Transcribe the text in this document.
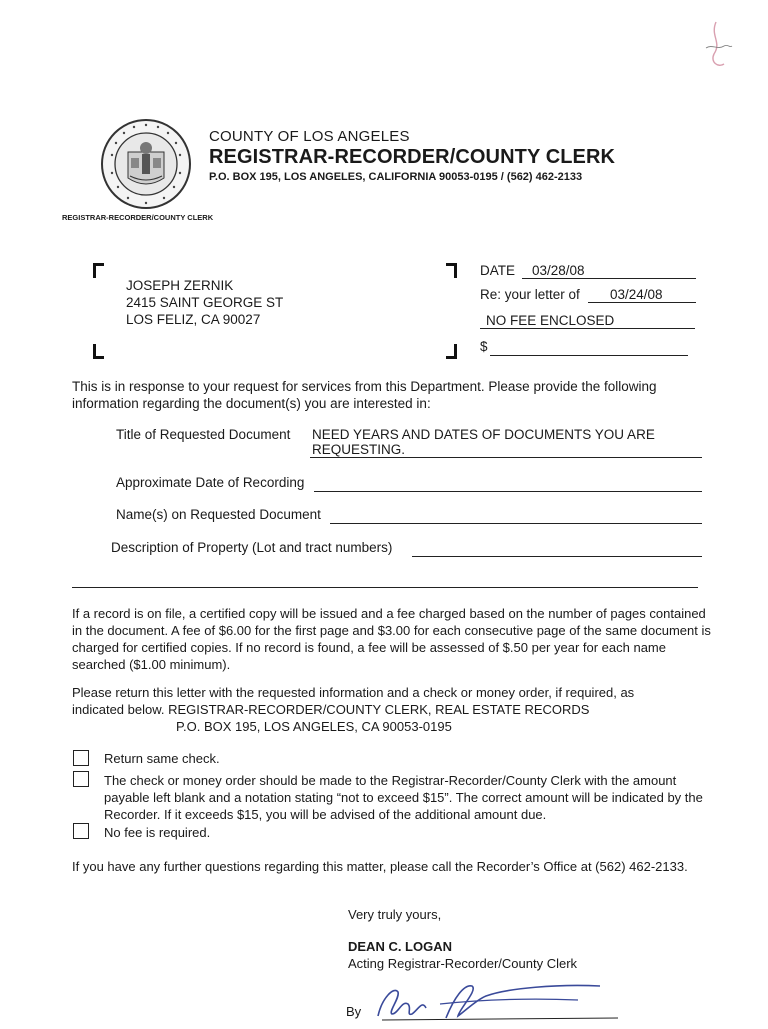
COUNTY OF LOS ANGELES
REGISTRAR-RECORDER/COUNTY CLERK
P.O. BOX 195, LOS ANGELES, CALIFORNIA 90053-0195 / (562) 462-2133
REGISTRAR-RECORDER/COUNTY CLERK
JOSEPH ZERNIK
2415 SAINT GEORGE ST
LOS FELIZ, CA 90027
DATE	03/28/08
Re: your letter of	03/24/08
NO FEE ENCLOSED
$
This is in response to your request for services from this Department. Please provide the following information regarding the document(s) you are interested in:
Title of Requested Document NEED YEARS AND DATES OF DOCUMENTS YOU ARE
REQUESTING.
Approximate Date of Recording
Name(s) on Requested Document
Description of Property (Lot and tract numbers)
If a record is on file, a certified copy will be issued and a fee charged based on the number of pages contained in the document. A fee of $6.00 for the first page and $3.00 for each consecutive page of the same document is charged for certified copies. If no record is found, a fee will be assessed of $.50 per year for each name searched ($1.00 minimum).
Please return this letter with the requested information and a check or money order, if required, as
indicated below. REGISTRAR-RECORDER/COUNTY CLERK, REAL ESTATE RECORDS
P.O. BOX 195, LOS ANGELES, CA 90053-0195
Return same check.
The check or money order should be made to the Registrar-Recorder/County Clerk with the amount payable left blank and a notation stating “not to exceed $15”. The correct amount will be indicated by the Recorder. If it exceeds $15, you will be advised of the additional amount due.
No fee is required.
If you have any further questions regarding this matter, please call the Recorder’s Office at (562) 462-2133.
Very truly yours,
DEAN C. LOGAN
Acting Registrar-Recorder/County Clerk
By
